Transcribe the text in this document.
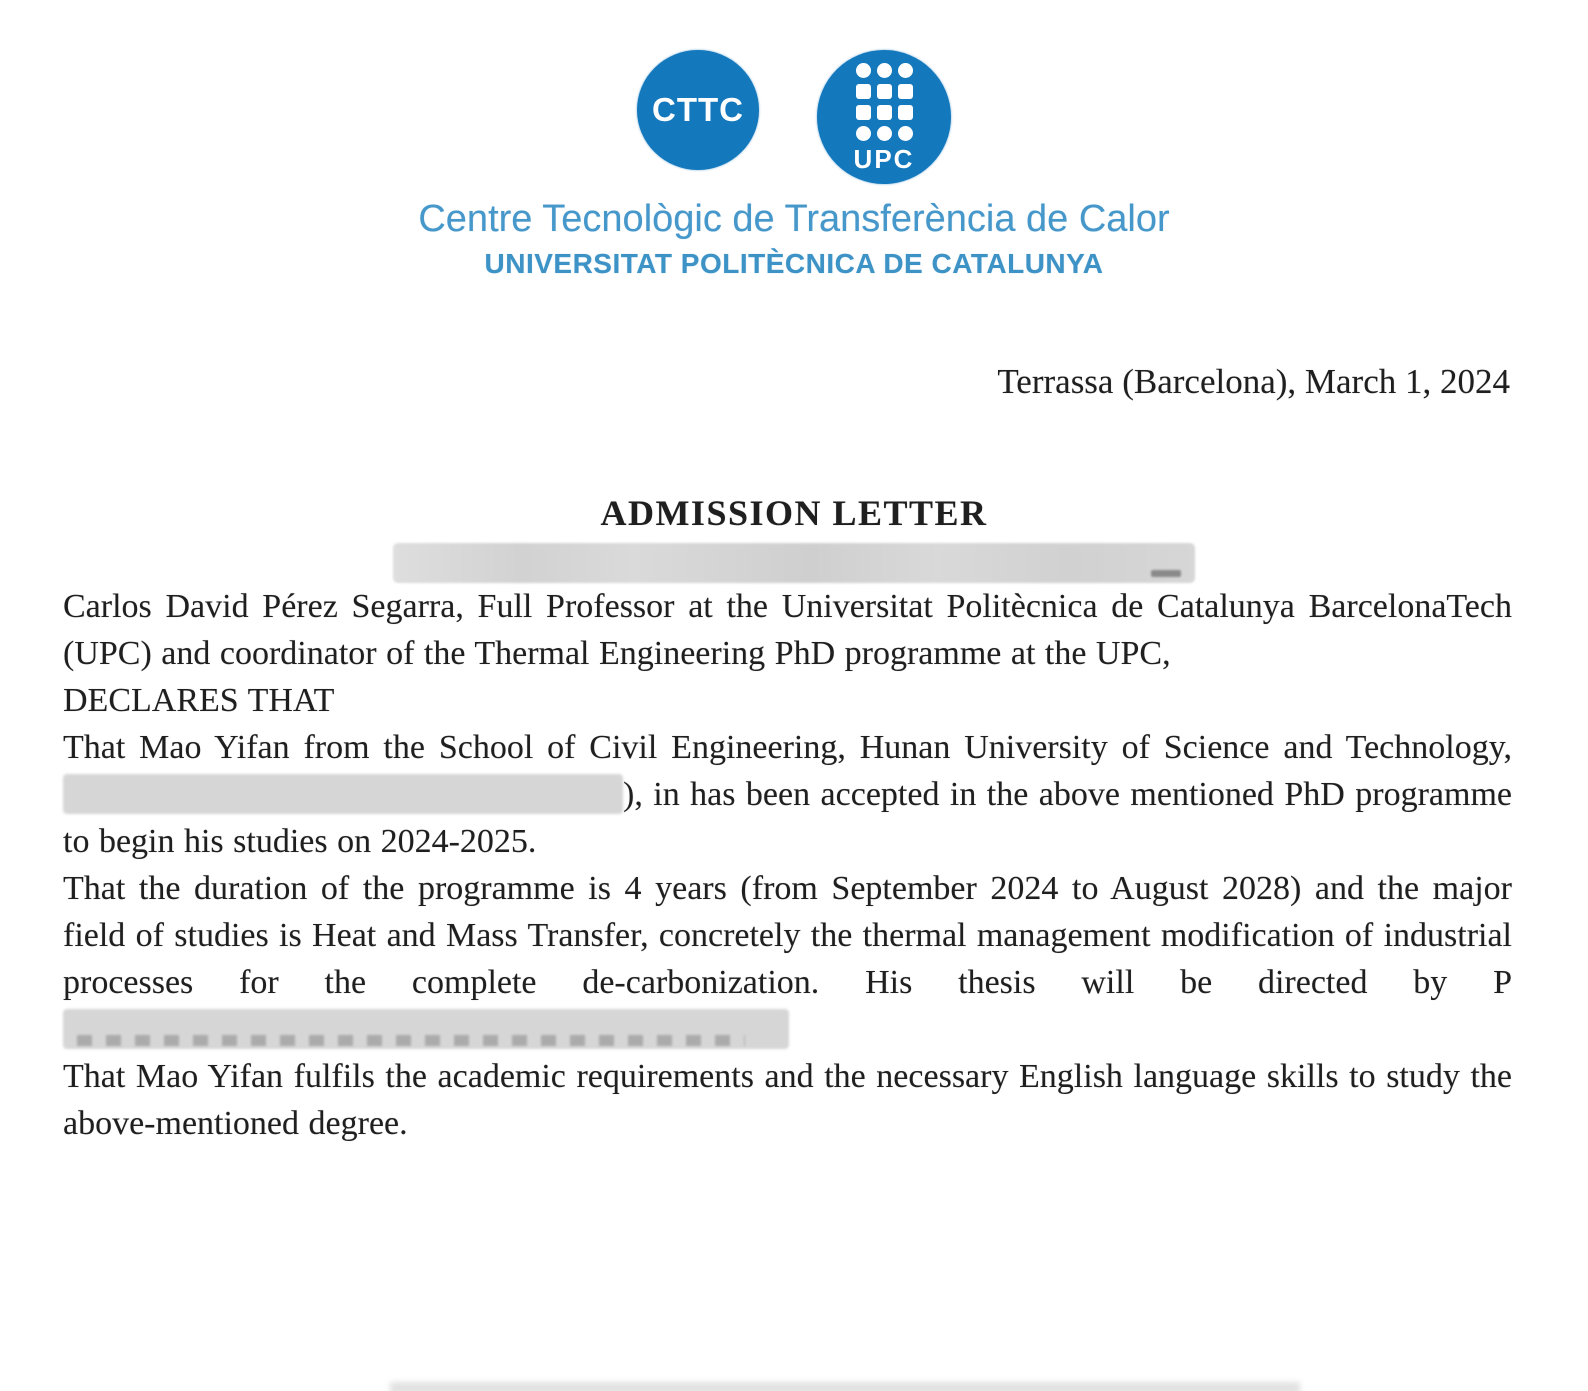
CTTC
UPC
Centre Tecnològic de Transferència de Calor
UNIVERSITAT POLITÈCNICA DE CATALUNYA
Terrassa (Barcelona), March 1, 2024
ADMISSION LETTER

Carlos David Pérez Segarra, Full Professor at the Universitat Politècnica de Catalunya BarcelonaTech (UPC) and coordinator of the Thermal Engineering PhD programme at the UPC,

DECLARES THAT

That Mao Yifan from the School of Civil Engineering, Hunan University of Science and Technology, ), in has been accepted in the above mentioned PhD programme to begin his studies on 2024-2025.

That the duration of the programme is 4 years (from September 2024 to August 2028) and the major field of studies is Heat and Mass Transfer, concretely the thermal management modification of industrial processes for the complete de-carbonization. His thesis will be directed by P

That Mao Yifan fulfils the academic requirements and the necessary English language skills to study the above-mentioned degree.
